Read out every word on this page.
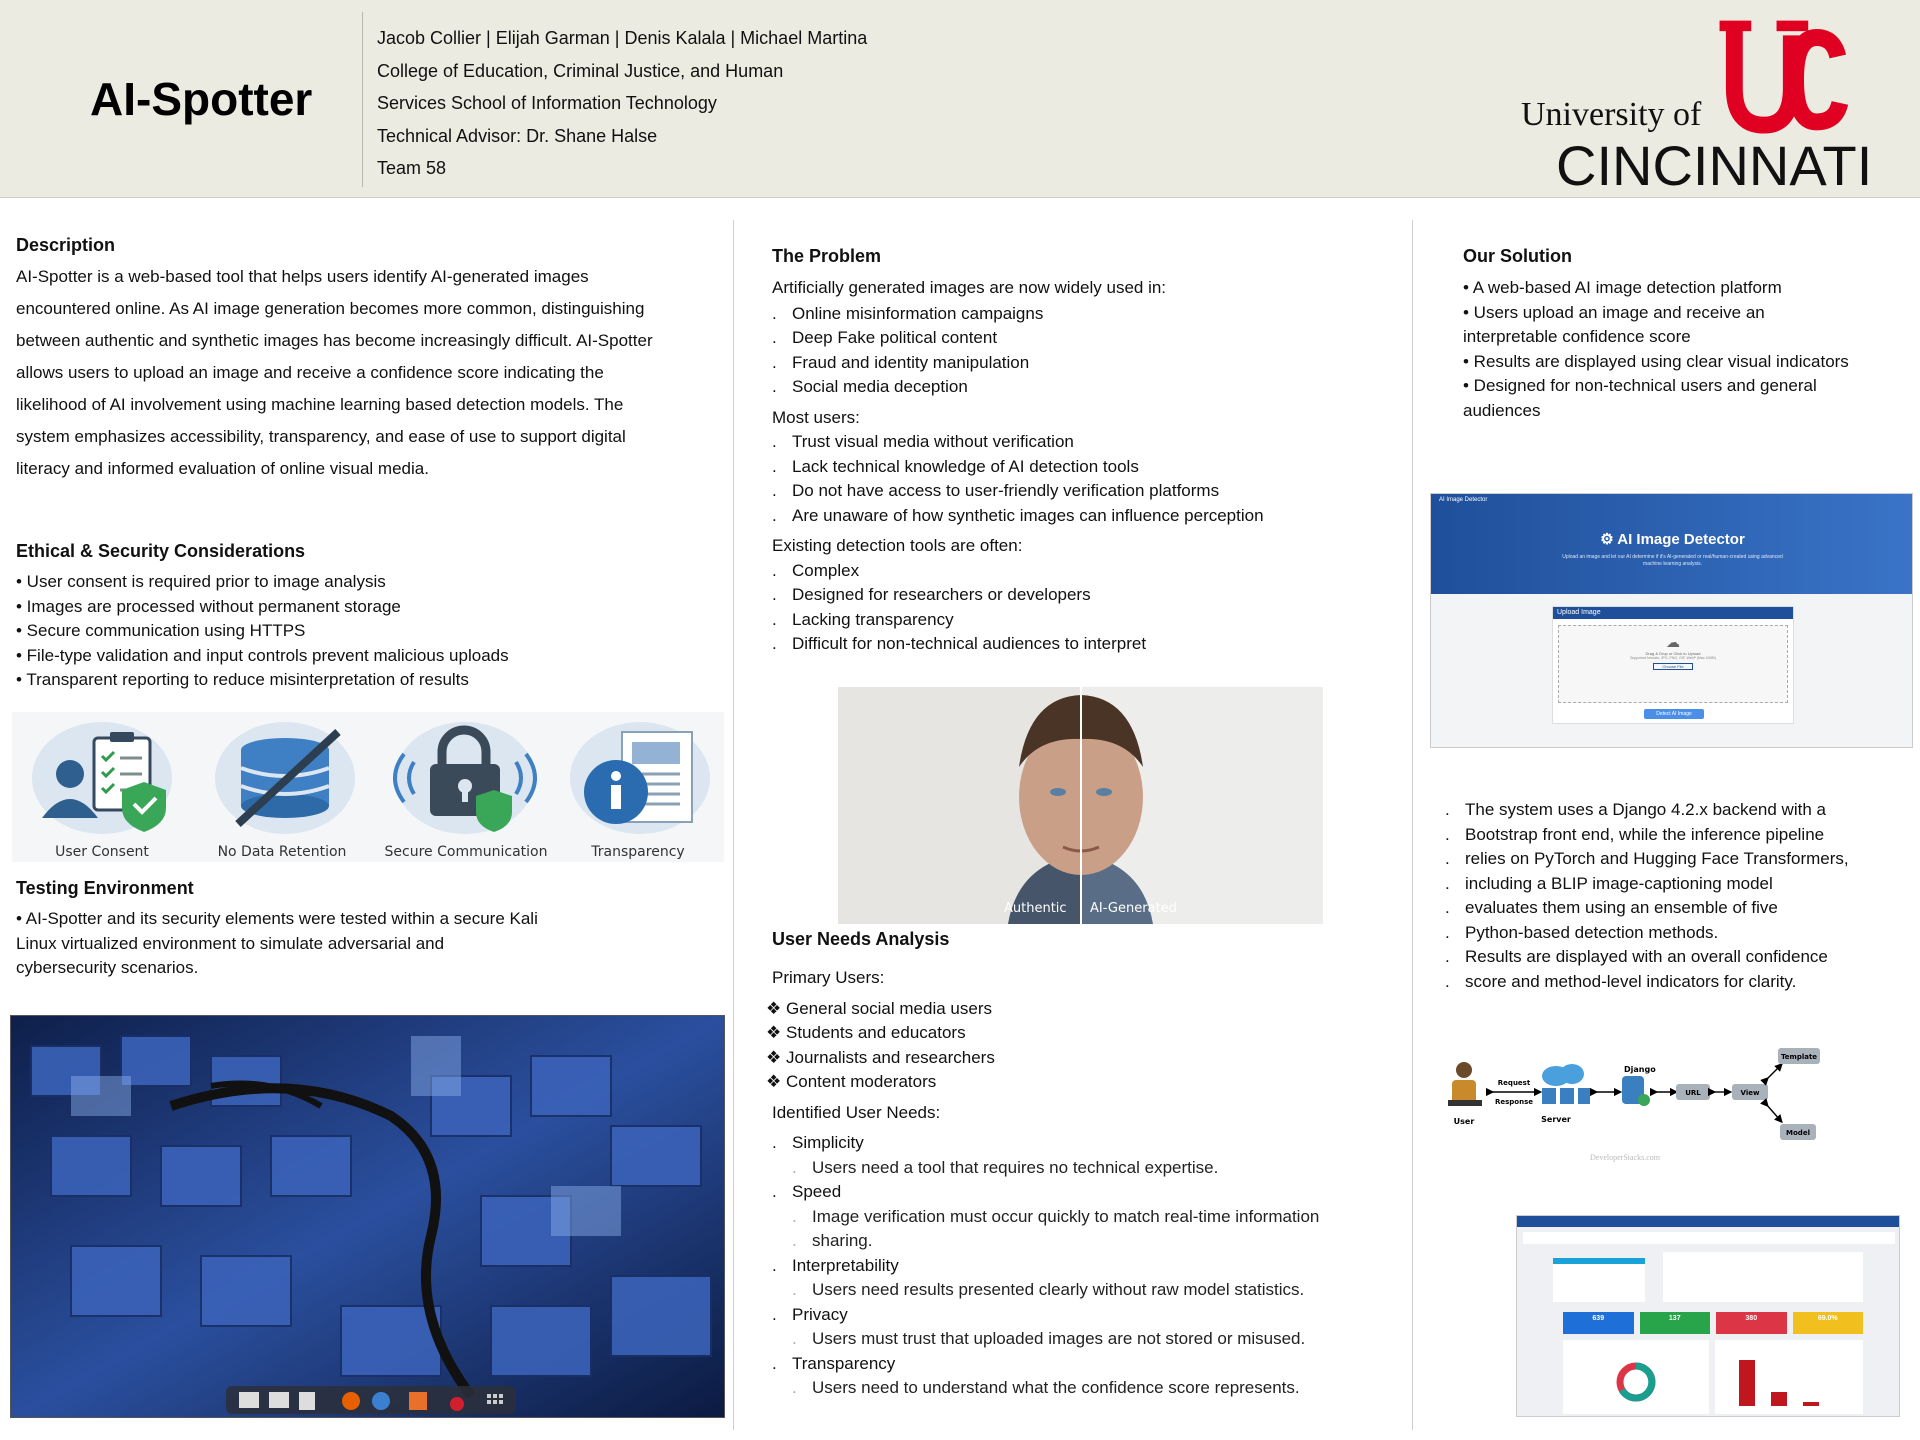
AI-Spotter
Jacob Collier | Elijah Garman | Denis Kalala | Michael Martina
College of Education, Criminal Justice, and Human
Services School of Information Technology
Technical Advisor: Dr. Shane Halse
Team 58
University of
CINCINNATI
Description
AI-Spotter is a web-based tool that helps users identify AI-generated images
encountered online. As AI image generation becomes more common, distinguishing
between authentic and synthetic images has become increasingly difficult. AI-Spotter
allows users to upload an image and receive a confidence score indicating the
likelihood of AI involvement using machine learning based detection models. The
system emphasizes accessibility, transparency, and ease of use to support digital
literacy and informed evaluation of online visual media.
Ethical & Security Considerations
• User consent is required prior to image analysis
• Images are processed without permanent storage
• Secure communication using HTTPS
• File-type validation and input controls prevent malicious uploads
• Transparent reporting to reduce misinterpretation of results
User Consent	No Data Retention	Secure Communication	Transparency
Testing Environment
• AI-Spotter and its security elements were tested within a secure Kali
Linux virtualized environment to simulate adversarial and
cybersecurity scenarios.
The Problem
Artificially generated images are now widely used in:
. Online misinformation campaigns
. Deep Fake political content
. Fraud and identity manipulation
. Social media deception
Most users:
. Trust visual media without verification
. Lack technical knowledge of AI detection tools
. Do not have access to user-friendly verification platforms
. Are unaware of how synthetic images can influence perception
Existing detection tools are often:
. Complex
. Designed for researchers or developers
. Lacking transparency
. Difficult for non-technical audiences to interpret
Authentic AI-Generated
User Needs Analysis
Primary Users:
❖ General social media users
❖ Students and educators
❖ Journalists and researchers
❖ Content moderators
Identified User Needs:
. Simplicity
. Users need a tool that requires no technical expertise.
. Speed
. Image verification must occur quickly to match real-time information
. sharing.
. Interpretability
. Users need results presented clearly without raw model statistics.
. Privacy
. Users must trust that uploaded images are not stored or misused.
. Transparency
. Users need to understand what the confidence score represents.
Our Solution
• A web-based AI image detection platform
• Users upload an image and receive an
interpretable confidence score
• Results are displayed using clear visual indicators
• Designed for non-technical users and general
audiences
AI Image Detector
⚙ AI Image Detector
Upload an image and let our AI determine if it's AI-generated or real/human-created using advanced machine learning analysis.
Upload Image
☁
Drag & Drop or Click to Upload
Supported formats: JPG, PNG, GIF, WebP (Max 10MB)
Choose File
Detect AI Image
. The system uses a Django 4.2.x backend with a
. Bootstrap front end, while the inference pipeline
. relies on PyTorch and Hugging Face Transformers,
. including a BLIP image-captioning model
. evaluates them using an ensemble of five
. Python-based detection methods.
. Results are displayed with an overall confidence
. score and method-level indicators for clarity.
User
Request
Response
Server
Django
URL	View
Template
Model
DeveloperStacks.com
639	137	380	69.0%
